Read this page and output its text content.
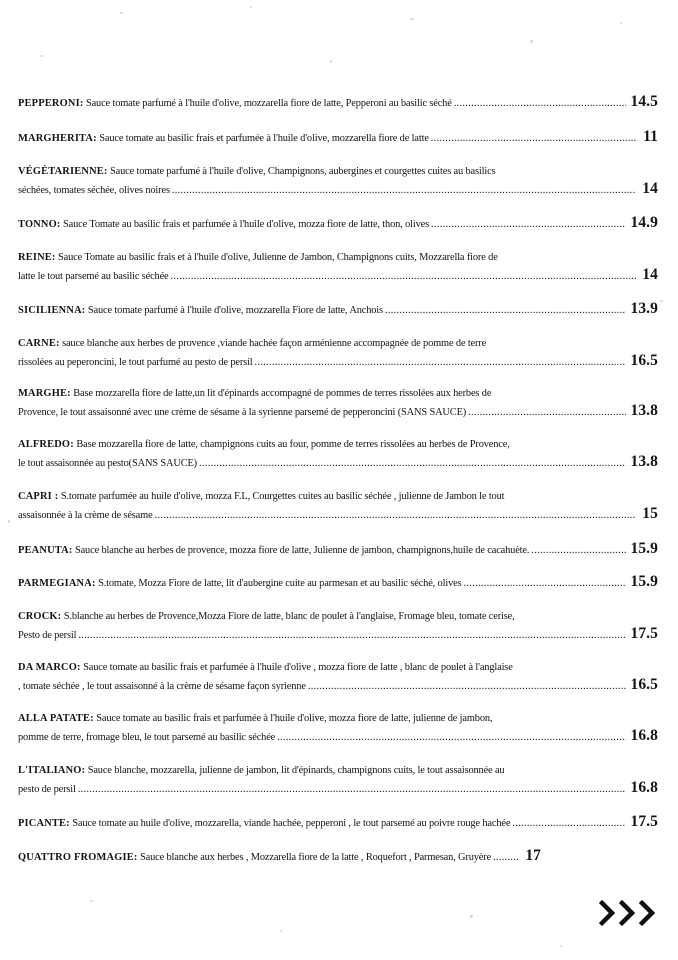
PEPPERONI: Sauce tomate parfumé à l'huile d'olive, mozzarella fiore de latte, Pepperoni au basilic séché .....	14.5
MARGHERITA: Sauce tomate au basilic frais et parfumée à l'huile d'olive, mozzarella fiore de latte .....	11
VÉGÉTARIENNE: Sauce tomate parfumé à l'huile d'olive, Champignons, aubergines et courgettes cuites au basilics
séchées, tomates séchée, olives noires .....	14
TONNO: Sauce Tomate au basilic frais et parfumée à l'huile d'olive, mozza fiore de latte, thon, olives .....	14.9
REINE: Sauce Tomate au basilic frais et à l'huile d'olive, Julienne de Jambon, Champignons cuits, Mozzarella fiore de
latte le tout parsemé au basilic séchée .....	14
SICILIENNA: Sauce tomate parfumé à l'huile d'olive, mozzarella Fiore de latte, Anchois .....	13.9
CARNE: sauce blanche aux herbes de provence ,viande hachée façon arménienne accompagnée de pomme de terre
rissolées au peperoncini, le tout parfumé au pesto de persil .....	16.5
MARGHE: Base mozzarella fiore de latte,un lit d'épinards accompagné de pommes de terres rissolées aux herbes de
Provence, le tout assaisonné avec une crème de sésame à la syrienne parsemé de pepperoncini (SANS SAUCE) .....	13.8
ALFREDO: Base mozzarella fiore de latte, champignons cuits au four, pomme de terres rissolées au herbes de Provence,
le tout assaisonnée au pesto(SANS SAUCE) .....	13.8
CAPRI : S.tomate parfumée au huile d'olive, mozza F.L, Courgettes cuites au basilic séchée , julienne de Jambon le tout
assaisonnée à la crème de sésame .....	15
PEANUTA: Sauce blanche au herbes de provence, mozza fiore de latte, Julienne de jambon, champignons,huile de cacahuète. .....	15.9
PARMEGIANA: S.tomate, Mozza Fiore de latte, lit d'aubergine cuite au parmesan et au basilic séché, olives .....	15.9
CROCK: S.blanche au herbes de Provence,Mozza Fiore de latte, blanc de poulet à l'anglaise, Fromage bleu, tomate cerise,
Pesto de persil .....	17.5
DA MARCO: Sauce tomate au basilic frais et parfumée à l'huile d'olive , mozza fiore de latte , blanc de poulet à l'anglaise
, tomate séchée , le tout assaisonné à la crème de sésame façon syrienne .....	16.5
ALLA PATATE: Sauce tomate au basilic frais et parfumée à l'huile d'olive, mozza fiore de latte, julienne de jambon,
pomme de terre, fromage bleu, le tout parsemé au basilic séchée .....	16.8
L'ITALIANO: Sauce blanche, mozzarella, julienne de jambon, lit d'épinards, champignons cuits, le tout assaisonnée au
pesto de persil .....	16.8
PICANTE: Sauce tomate au huile d'olive, mozzarella, viande hachée, pepperoni , le tout parsemé au poivre rouge hachée .....	17.5
QUATTRO FROMAGIE: Sauce blanche aux herbes , Mozzarella fiore de la latte , Roquefort , Parmesan, Gruyère ..... 17
